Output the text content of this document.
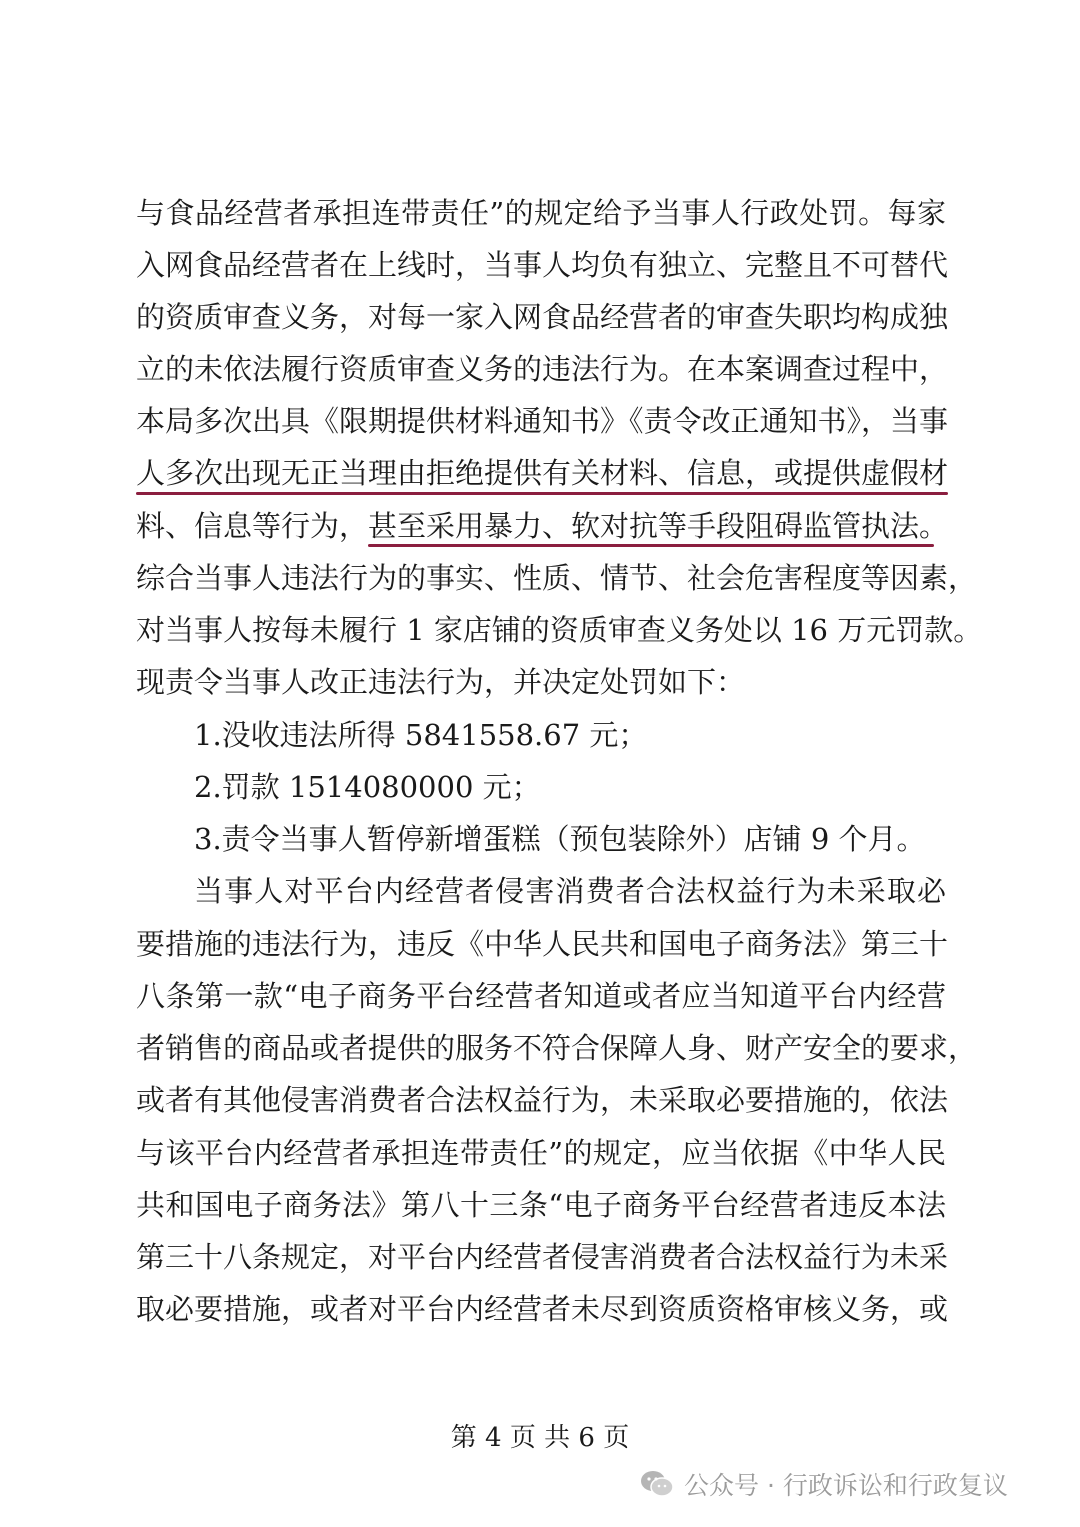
与食品经营者承担连带责任”的规定给予当事人行政处罚。每家
入网食品经营者在上线时，当事人均负有独立、完整且不可替代
的资质审查义务，对每一家入网食品经营者的审查失职均构成独
立的未依法履行资质审查义务的违法行为。在本案调查过程中，
本局多次出具《限期提供材料通知书》《责令改正通知书》，当事
人多次出现无正当理由拒绝提供有关材料、信息，或提供虚假材
料、信息等行为，甚至采用暴力、软对抗等手段阻碍监管执法。
综合当事人违法行为的事实、性质、情节、社会危害程度等因素，
对当事人按每未履行 1 家店铺的资质审查义务处以 16 万元罚款。
现责令当事人改正违法行为，并决定处罚如下：
1.没收违法所得 5841558.67 元；
2.罚款 1514080000 元；
3.责令当事人暂停新增蛋糕（预包装除外）店铺 9 个月。
当事人对平台内经营者侵害消费者合法权益行为未采取必
要措施的违法行为，违反《中华人民共和国电子商务法》第三十
八条第一款“电子商务平台经营者知道或者应当知道平台内经营
者销售的商品或者提供的服务不符合保障人身、财产安全的要求，
或者有其他侵害消费者合法权益行为，未采取必要措施的，依法
与该平台内经营者承担连带责任”的规定，应当依据《中华人民
共和国电子商务法》第八十三条“电子商务平台经营者违反本法
第三十八条规定，对平台内经营者侵害消费者合法权益行为未采
取必要措施，或者对平台内经营者未尽到资质资格审核义务，或
第 4 页 共 6 页
公众号 · 行政诉讼和行政复议
